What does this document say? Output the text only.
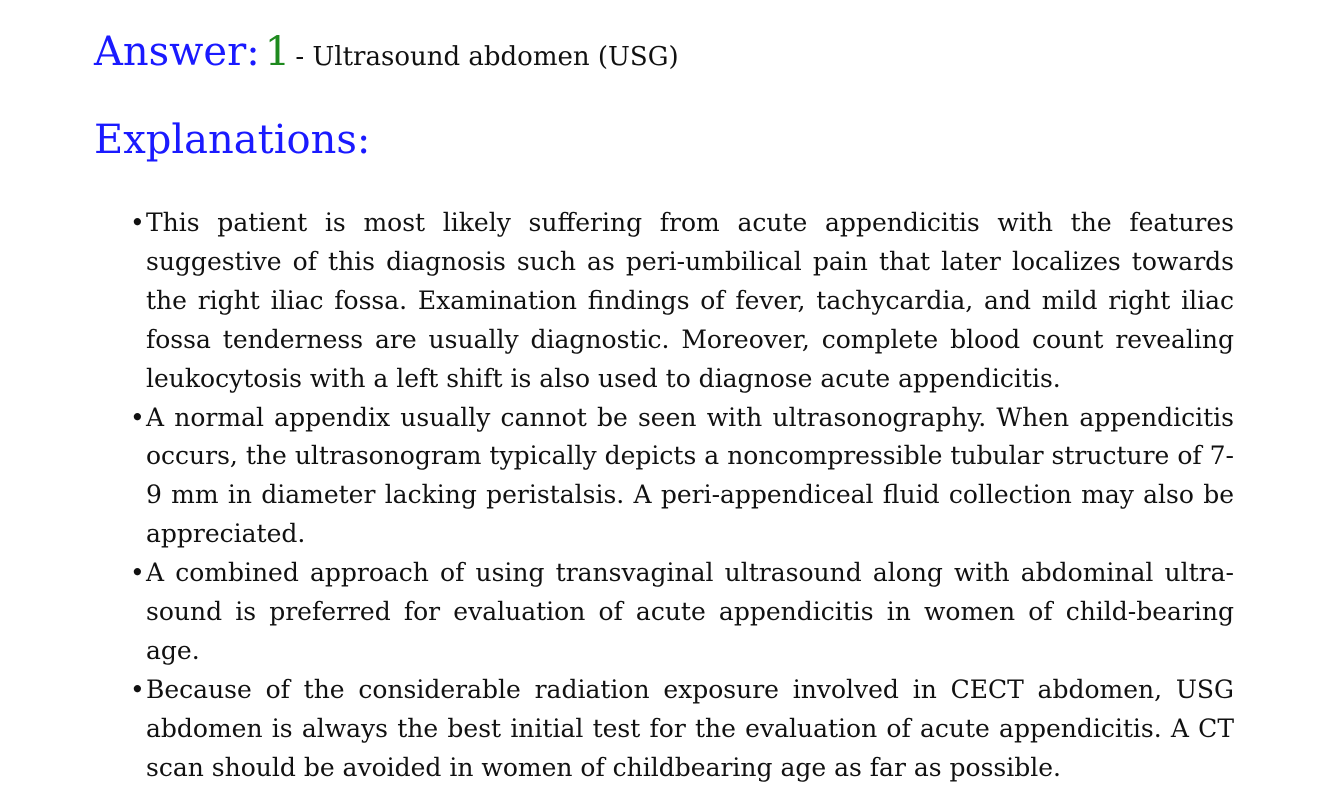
Answer: 1 - Ultrasound abdomen (USG)
Explanations:
• This patient is most likely suffering from acute appendicitis with the features suggestive of this diagnosis such as peri-umbilical pain that later localizes towards the right iliac fossa. Examination findings of fever, tachycardia, and mild right iliac fossa tenderness are usually diagnostic. Moreover, complete blood count revealing leukocytosis with a left shift is also used to diagnose acute appendicitis.
• A normal appendix usually cannot be seen with ultrasonography. When appendicitis occurs, the ultrasonogram typically depicts a noncompressible tubular structure of 7-9 mm in diameter lacking peristalsis. A peri-appendiceal fluid collection may also be appreciated.
• A combined approach of using transvaginal ultrasound along with abdominal ultrasound is preferred for evaluation of acute appendicitis in women of child-bearing age.
• Because of the considerable radiation exposure involved in CECT abdomen, USG abdomen is always the best initial test for the evaluation of acute appendicitis. A CT scan should be avoided in women of childbearing age as far as possible.
